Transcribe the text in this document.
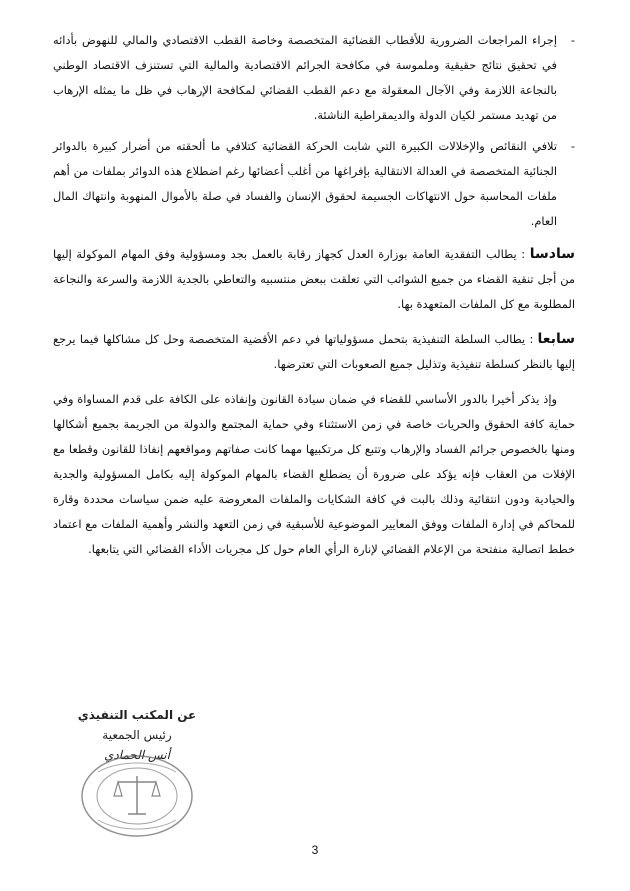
-
إجراء المراجعات الضرورية للأقطاب القضائية المتخصصة وخاصة القطب الاقتصادي والمالي للنهوض بأدائه في تحقيق نتائج حقيقية وملموسة في مكافحة الجرائم الاقتصادية والمالية التي تستنزف الاقتصاد الوطني بالنجاعة اللازمة وفي الآجال المعقولة مع دعم القطب القضائي لمكافحة الإرهاب في ظل ما يمثله الإرهاب من تهديد مستمر لكيان الدولة والديمقراطية الناشئة.
-
تلافي النقائص والإخلالات الكبيرة التي شابت الحركة القضائية كتلافي ما ألحقته من أضرار كبيرة بالدوائر الجنائية المتخصصة في العدالة الانتقالية بإفراغها من أغلب أعضائها رغم اضطلاع هذه الدوائر بملفات من أهم ملفات المحاسبة حول الانتهاكات الجسيمة لحقوق الإنسان والفساد في صلة بالأموال المنهوبة وانتهاك المال العام.

سادسا : يطالب التفقدية العامة بوزارة العدل كجهاز رقابة بالعمل بجد ومسؤولية وفق المهام الموكولة إليها من أجل تنقية القضاء من جميع الشوائب التي تعلقت ببعض منتسبيه والتعاطي بالجدية اللازمة والسرعة والنجاعة المطلوبة مع كل الملفات المتعهدة بها.

سابعا : يطالب السلطة التنفيذية بتحمل مسؤولياتها في دعم الأقضية المتخصصة وحل كل مشاكلها فيما يرجع إليها بالنظر كسلطة تنفيذية وتذليل جميع الصعوبات التي تعترضها.

وإذ يذكر أخيرا بالدور الأساسي للقضاء في ضمان سيادة القانون وإنفاذه على الكافة على قدم المساواة وفي حماية كافة الحقوق والحريات خاصة في زمن الاستثناء وفي حماية المجتمع والدولة من الجريمة بجميع أشكالها ومنها بالخصوص جرائم الفساد والإرهاب وتتبع كل مرتكبيها مهما كانت صفاتهم ومواقعهم إنفاذا للقانون وقطعا مع الإفلات من العقاب فإنه يؤكد على ضرورة أن يضطلع القضاء بالمهام الموكولة إليه بكامل المسؤولية والجدية والحيادية ودون انتقائية وذلك بالبت في كافة الشكايات والملفات المعروضة عليه ضمن سياسات محددة وقارة للمحاكم في إدارة الملفات ووفق المعايير الموضوعية للأسبقية في زمن التعهد والنشر وأهمية الملفات مع اعتماد خطط اتصالية منفتحة من الإعلام القضائي لإنارة الرأي العام حول كل مجريات الأداء القضائي التي يتابعها.

عن المكتب التنفيذي
رئيس الجمعية
أنس الحمادي
3
